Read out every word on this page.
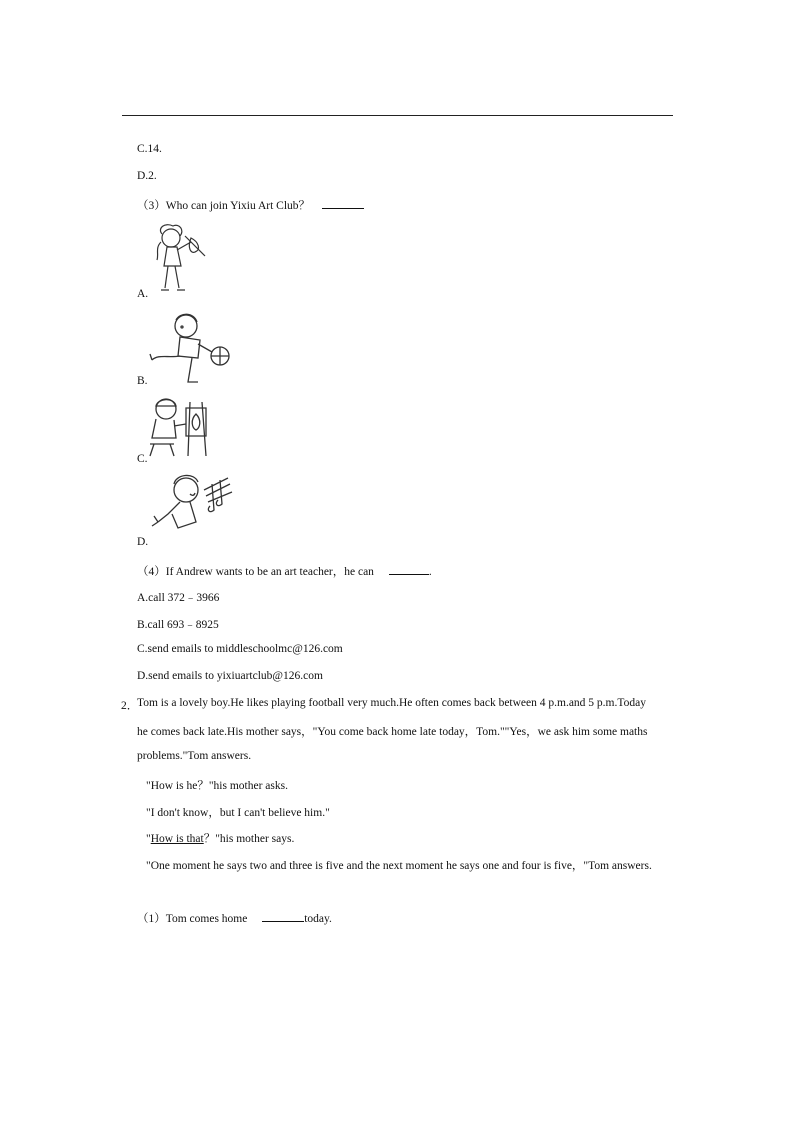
C.14.
D.2.
（3）Who can join Yixiu Art Club？
A.
B.
C.
D.
（4）If Andrew wants to be an art teacher，he can	.
A.call 372﹣3966
B.call 693﹣8925
C.send emails to middleschoolmc@126.com
D.send emails to yixiuartclub@126.com
2．
Tom is a lovely boy.He likes playing football very much.He often comes back between 4 p.m.and 5 p.m.Today
he comes back late.His mother says，"You come back home late today，Tom.""Yes，we ask him some maths
problems."Tom answers.
"How is he？"his mother asks.
"I don't know，but I can't believe him."
"How is that？"his mother says.
"One moment he says two and three is five and the next moment he says one and four is five，"Tom answers.
（1）Tom comes home	today.
